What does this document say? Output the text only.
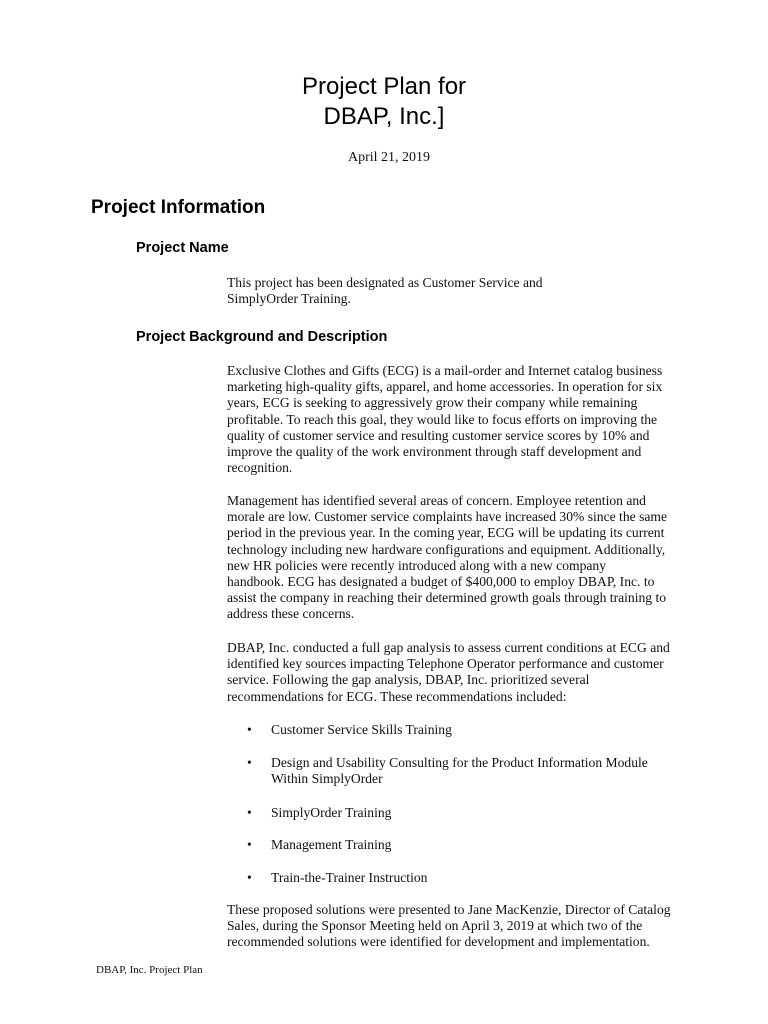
Project Plan for
DBAP, Inc.]
April 21, 2019
Project Information
Project Name
This project has been designated as Customer Service and
SimplyOrder Training.
Project Background and Description
Exclusive Clothes and Gifts (ECG) is a mail-order and Internet catalog business
marketing high-quality gifts, apparel, and home accessories. In operation for six
years, ECG is seeking to aggressively grow their company while remaining
profitable. To reach this goal, they would like to focus efforts on improving the
quality of customer service and resulting customer service scores by 10% and
improve the quality of the work environment through staff development and
recognition.
Management has identified several areas of concern. Employee retention and
morale are low. Customer service complaints have increased 30% since the same
period in the previous year. In the coming year, ECG will be updating its current
technology including new hardware configurations and equipment. Additionally,
new HR policies were recently introduced along with a new company
handbook. ECG has designated a budget of $400,000 to employ DBAP, Inc. to
assist the company in reaching their determined growth goals through training to
address these concerns.
DBAP, Inc. conducted a full gap analysis to assess current conditions at ECG and
identified key sources impacting Telephone Operator performance and customer
service. Following the gap analysis, DBAP, Inc. prioritized several
recommendations for ECG. These recommendations included:
• Customer Service Skills Training
• Design and Usability Consulting for the Product Information Module
Within SimplyOrder
• SimplyOrder Training
• Management Training
• Train-the-Trainer Instruction
These proposed solutions were presented to Jane MacKenzie, Director of Catalog
Sales, during the Sponsor Meeting held on April 3, 2019 at which two of the
recommended solutions were identified for development and implementation.
DBAP, Inc. Project Plan
